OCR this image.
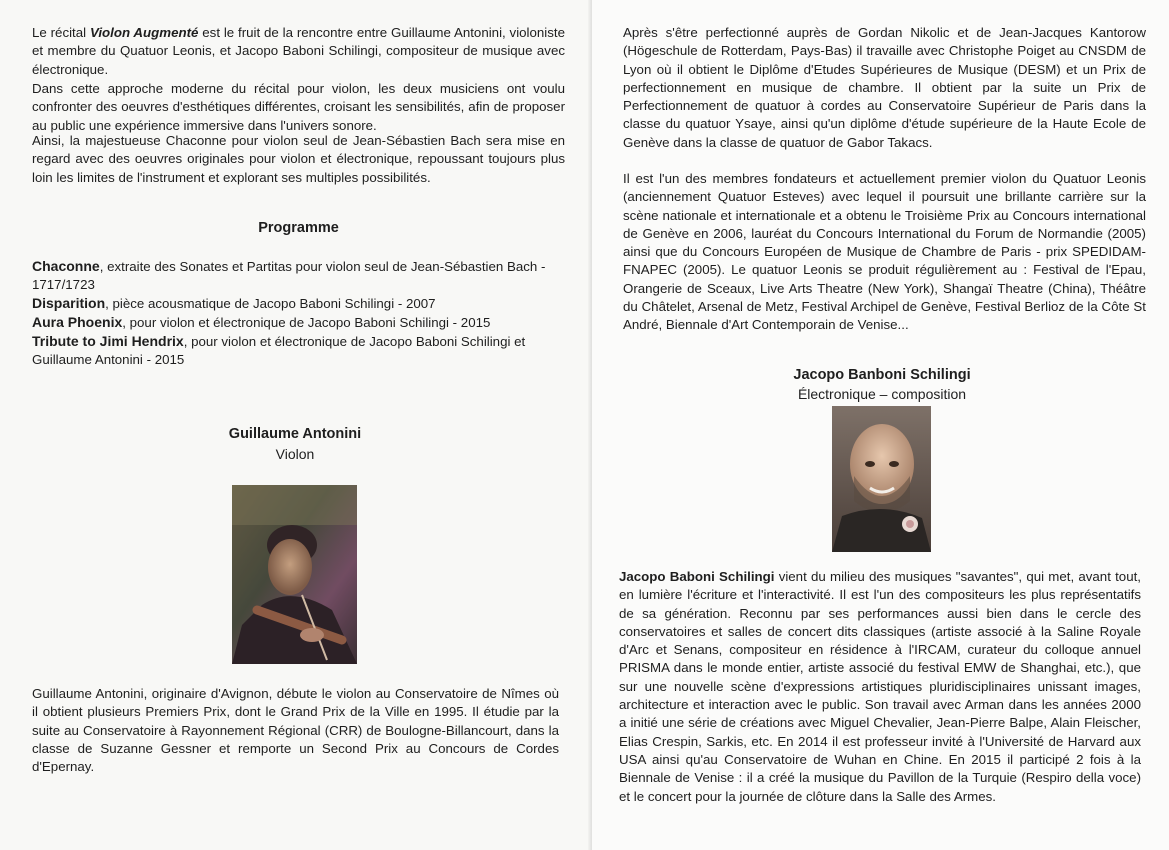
Le récital Violon Augmenté est le fruit de la rencontre entre Guillaume Antonini, violoniste et membre du Quatuor Leonis, et Jacopo Baboni Schilingi, compositeur de musique avec électronique.

Dans cette approche moderne du récital pour violon, les deux musiciens ont voulu confronter des oeuvres d'esthétiques différentes, croisant les sensibilités, afin de proposer au public une expérience immersive dans l'univers sonore.

Ainsi, la majestueuse Chaconne pour violon seul de Jean-Sébastien Bach sera mise en regard avec des oeuvres originales pour violon et électronique, repoussant toujours plus loin les limites de l'instrument et explorant ses multiples possibilités.

Programme

Chaconne, extraite des Sonates et Partitas pour violon seul de Jean-Sébastien Bach - 1717/1723
Disparition, pièce acousmatique de Jacopo Baboni Schilingi - 2007
Aura Phoenix, pour violon et électronique de Jacopo Baboni Schilingi - 2015
Tribute to Jimi Hendrix, pour violon et électronique de Jacopo Baboni Schilingi et Guillaume Antonini - 2015

Guillaume Antonini

Violon

Guillaume Antonini, originaire d'Avignon, débute le violon au Conservatoire de Nîmes où il obtient plusieurs Premiers Prix, dont le Grand Prix de la Ville en 1995. Il étudie par la suite au Conservatoire à Rayonnement Régional (CRR) de Boulogne-Billancourt, dans la classe de Suzanne Gessner et remporte un Second Prix au Concours de Cordes d'Epernay.

Après s'être perfectionné auprès de Gordan Nikolic et de Jean-Jacques Kantorow (Högeschule de Rotterdam, Pays-Bas) il travaille avec Christophe Poiget au CNSDM de Lyon où il obtient le Diplôme d'Etudes Supérieures de Musique (DESM) et un Prix de perfectionnement en musique de chambre. Il obtient par la suite un Prix de Perfectionnement de quatuor à cordes au Conservatoire Supérieur de Paris dans la classe du quatuor Ysaye, ainsi qu'un diplôme d'étude supérieure de la Haute Ecole de Genève dans la classe de quatuor de Gabor Takacs.

Il est l'un des membres fondateurs et actuellement premier violon du Quatuor Leonis (anciennement Quatuor Esteves) avec lequel il poursuit une brillante carrière sur la scène nationale et internationale et a obtenu le Troisième Prix au Concours international de Genève en 2006, lauréat du Concours International du Forum de Normandie (2005) ainsi que du Concours Européen de Musique de Chambre de Paris - prix SPEDIDAM-FNAPEC (2005). Le quatuor Leonis se produit régulièrement au : Festival de l'Epau, Orangerie de Sceaux, Live Arts Theatre (New York), Shangaï Theatre (China), Théâtre du Châtelet, Arsenal de Metz, Festival Archipel de Genève, Festival Berlioz de la Côte St André, Biennale d'Art Contemporain de Venise...

Jacopo Banboni Schilingi

Électronique – composition

Jacopo Baboni Schilingi vient du milieu des musiques "savantes", qui met, avant tout, en lumière l'écriture et l'interactivité. Il est l'un des compositeurs les plus représentatifs de sa génération. Reconnu par ses performances aussi bien dans le cercle des conservatoires et salles de concert dits classiques (artiste associé à la Saline Royale d'Arc et Senans, compositeur en résidence à l'IRCAM, curateur du colloque annuel PRISMA dans le monde entier, artiste associé du festival EMW de Shanghai, etc.), que sur une nouvelle scène d'expressions artistiques pluridisciplinaires unissant images, architecture et interaction avec le public. Son travail avec Arman dans les années 2000 a initié une série de créations avec Miguel Chevalier, Jean-Pierre Balpe, Alain Fleischer, Elias Crespin, Sarkis, etc. En 2014 il est professeur invité à l'Université de Harvard aux USA ainsi qu'au Conservatoire de Wuhan en Chine. En 2015 il participé 2 fois à la Biennale de Venise : il a créé la musique du Pavillon de la Turquie (Respiro della voce) et le concert pour la journée de clôture dans la Salle des Armes.
